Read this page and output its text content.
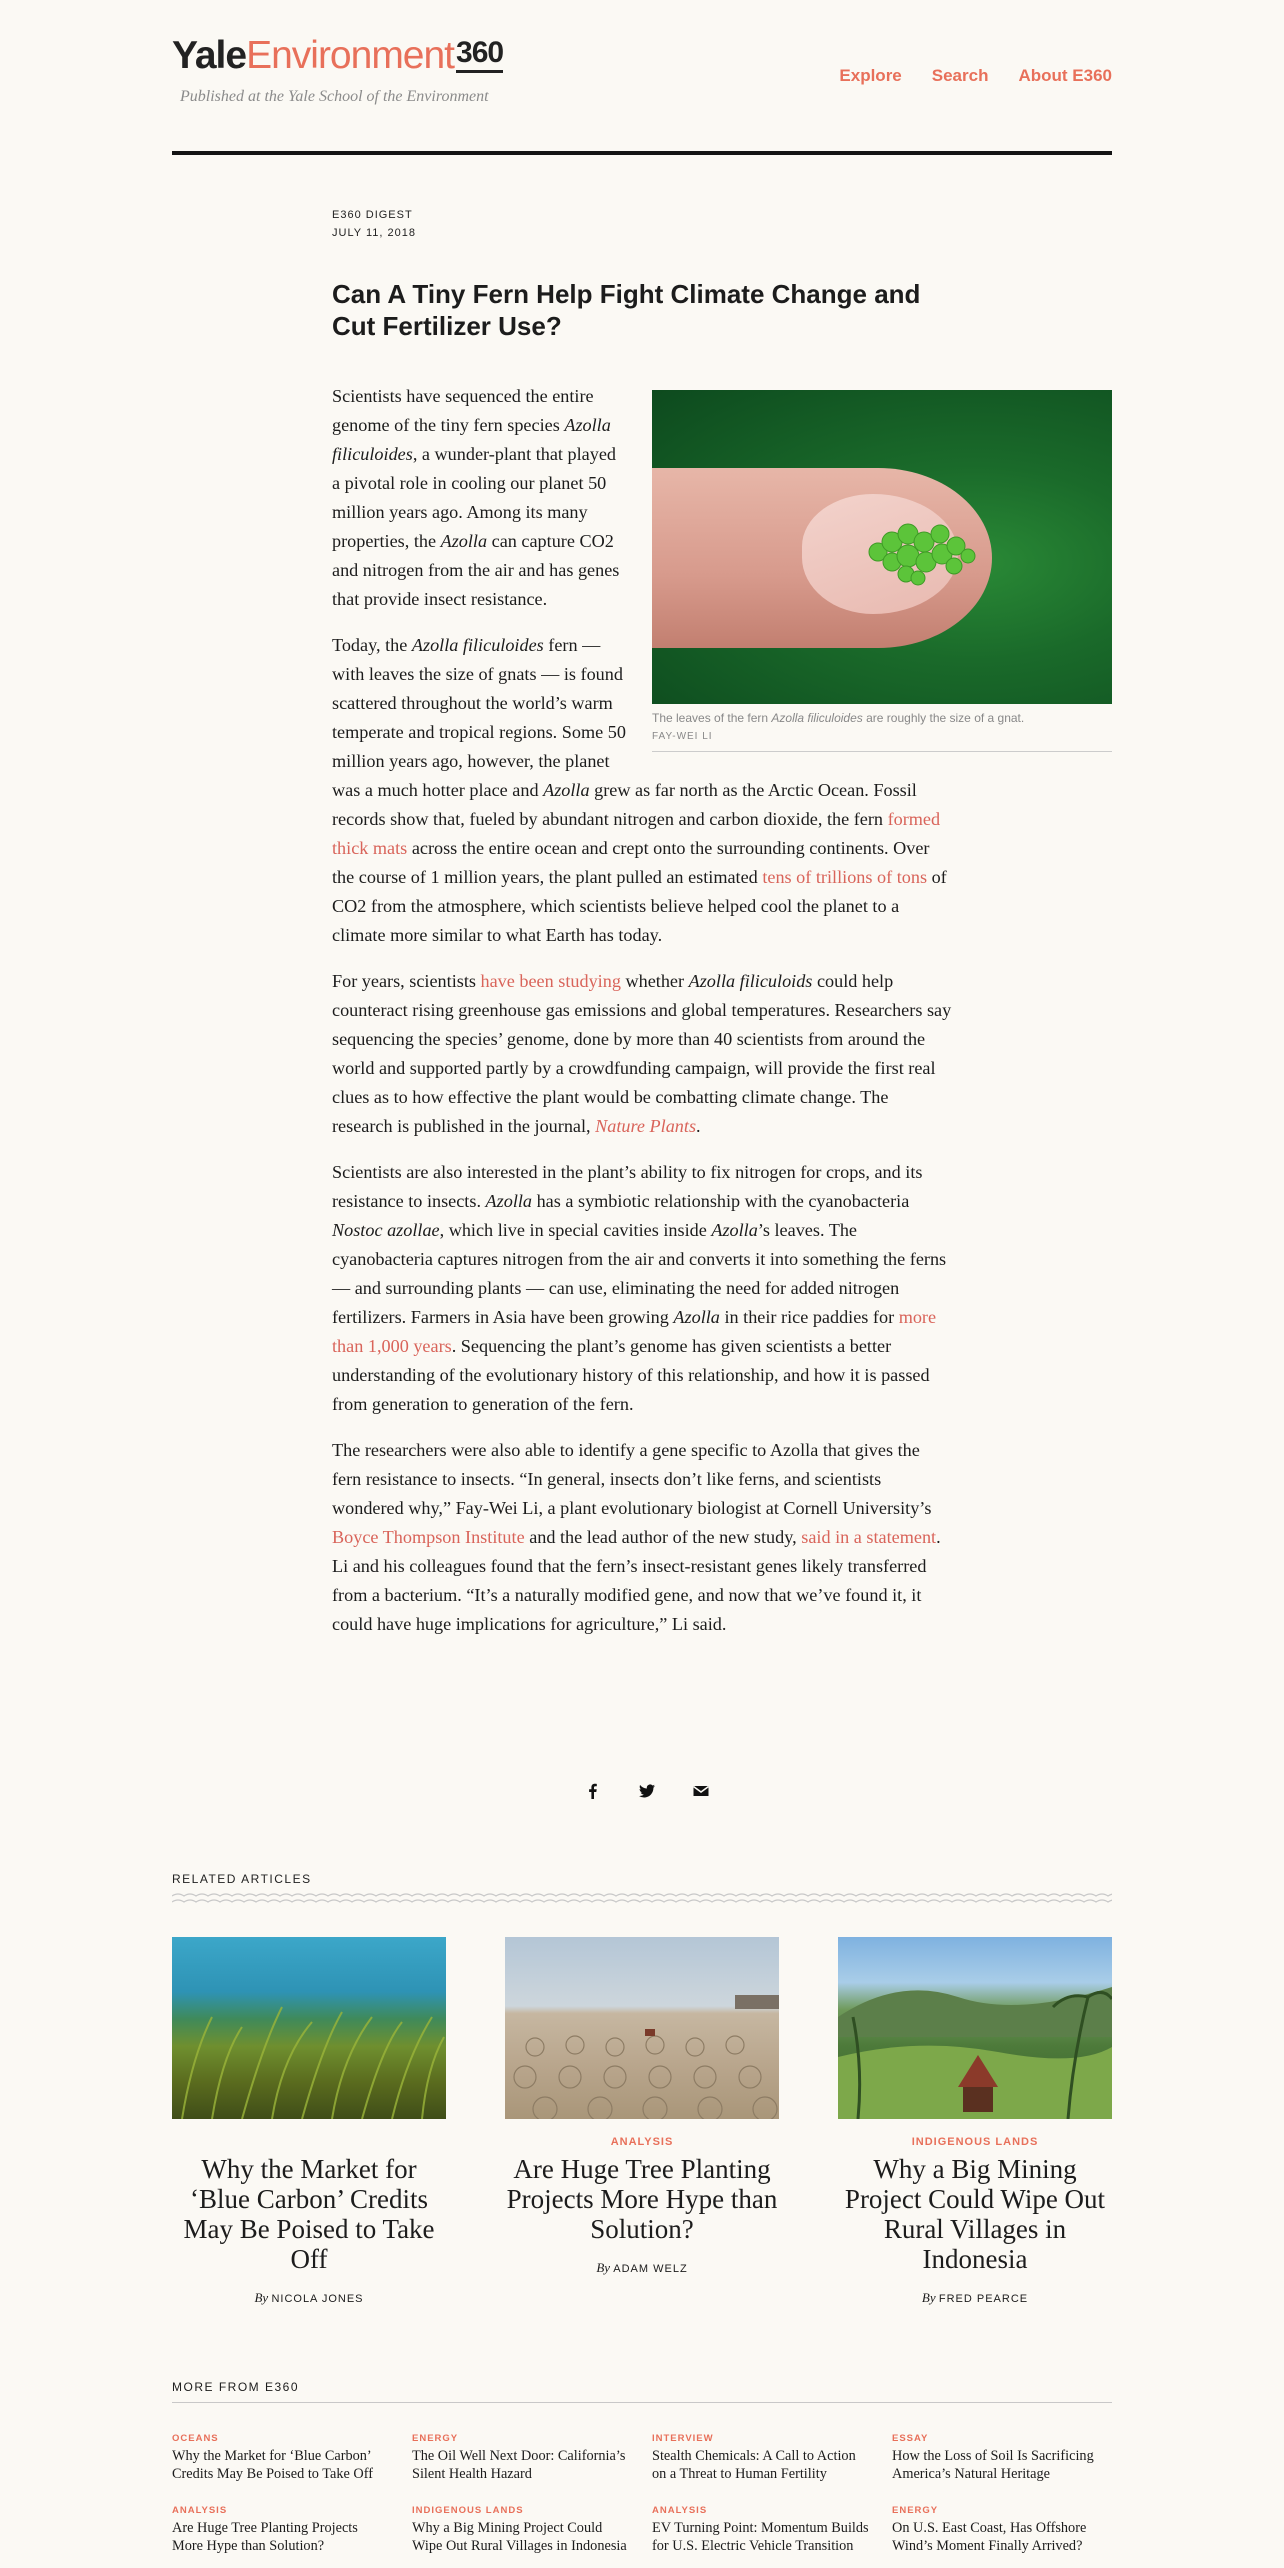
YaleEnvironment360
Published at the Yale School of the Environment
Explore Search About E360
E360 DIGEST
JULY 11, 2018
Can A Tiny Fern Help Fight Climate Change and Cut Fertilizer Use?
The leaves of the fern Azolla filiculoides are roughly the size of a gnat.
FAY-WEI LI

Scientists have sequenced the entire genome of the tiny fern species Azolla filiculoides, a wunder-plant that played a pivotal role in cooling our planet 50 million years ago. Among its many properties, the Azolla can capture CO2 and nitrogen from the air and has genes that provide insect resistance.

Today, the Azolla filiculoides fern — with leaves the size of gnats — is found scattered throughout the world’s warm temperate and tropical regions. Some 50 million years ago, however, the planet was a much hotter place and Azolla grew as far north as the Arctic Ocean. Fossil records show that, fueled by abundant nitrogen and carbon dioxide, the fern formed thick mats across the entire ocean and crept onto the surrounding continents. Over the course of 1 million years, the plant pulled an estimated tens of trillions of tons of CO2 from the atmosphere, which scientists believe helped cool the planet to a climate more similar to what Earth has today.

For years, scientists have been studying whether Azolla filiculoids could help counteract rising greenhouse gas emissions and global temperatures. Researchers say sequencing the species’ genome, done by more than 40 scientists from around the world and supported partly by a crowdfunding campaign, will provide the first real clues as to how effective the plant would be combatting climate change. The research is published in the journal, Nature Plants.

Scientists are also interested in the plant’s ability to fix nitrogen for crops, and its resistance to insects. Azolla has a symbiotic relationship with the cyanobacteria Nostoc azollae, which live in special cavities inside Azolla’s leaves. The cyanobacteria captures nitrogen from the air and converts it into something the ferns — and surrounding plants — can use, eliminating the need for added nitrogen fertilizers. Farmers in Asia have been growing Azolla in their rice paddies for more than 1,000 years. Sequencing the plant’s genome has given scientists a better understanding of the evolutionary history of this relationship, and how it is passed from generation to generation of the fern.

The researchers were also able to identify a gene specific to Azolla that gives the fern resistance to insects. “In general, insects don’t like ferns, and scientists wondered why,” Fay-Wei Li, a plant evolutionary biologist at Cornell University’s Boyce Thompson Institute and the lead author of the new study, said in a statement. Li and his colleagues found that the fern’s insect-resistant genes likely transferred from a bacterium. “It’s a naturally modified gene, and now that we’ve found it, it could have huge implications for agriculture,” Li said.

RELATED ARTICLES
Why the Market for ‘Blue Carbon’ Credits May Be Poised to Take Off
By NICOLA JONES
ANALYSIS
Are Huge Tree Planting Projects More Hype than Solution?
By ADAM WELZ
INDIGENOUS LANDS
Why a Big Mining Project Could Wipe Out Rural Villages in Indonesia
By FRED PEARCE
MORE FROM E360
OCEANS
Why the Market for ‘Blue Carbon’ Credits May Be Poised to Take Off
ENERGY
The Oil Well Next Door: California’s Silent Health Hazard
INTERVIEW
Stealth Chemicals: A Call to Action on a Threat to Human Fertility
ESSAY
How the Loss of Soil Is Sacrificing America’s Natural Heritage
ANALYSIS
Are Huge Tree Planting Projects More Hype than Solution?
INDIGENOUS LANDS
Why a Big Mining Project Could Wipe Out Rural Villages in Indonesia
ANALYSIS
EV Turning Point: Momentum Builds for U.S. Electric Vehicle Transition
ENERGY
On U.S. East Coast, Has Offshore Wind’s Moment Finally Arrived?
